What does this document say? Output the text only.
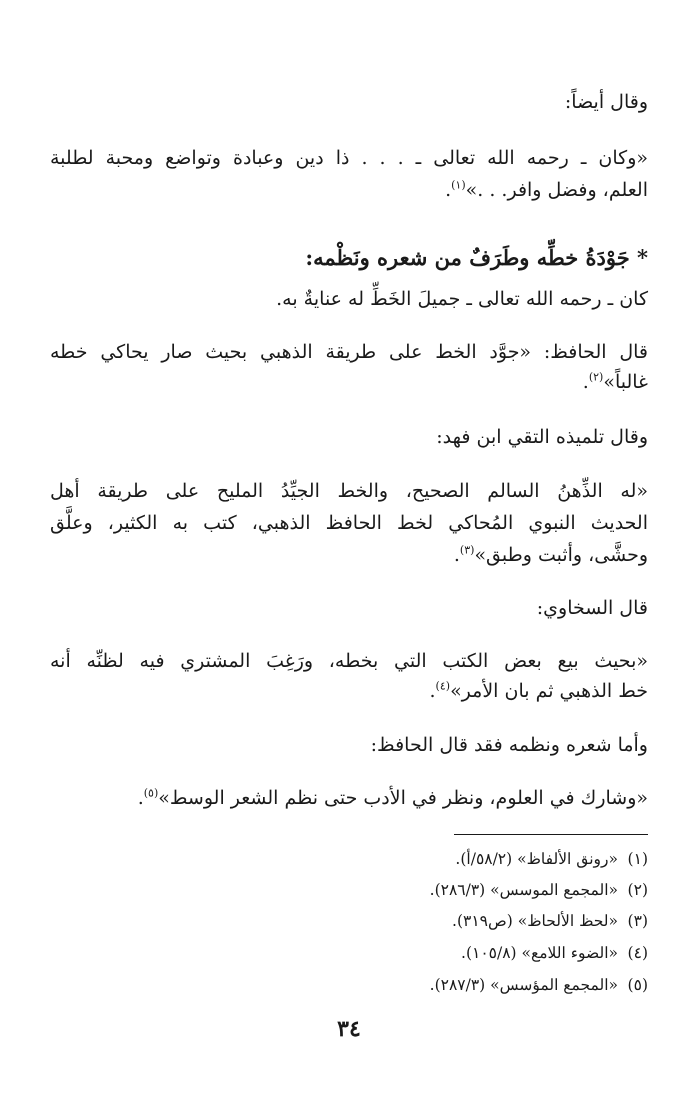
وقال أيضاً:
«وكان ـ رحمه الله تعالى ـ . . . ذا دين وعبادة وتواضع ومحبة لطلبة
العلم، وفضل وافر. . .»$^{(١)}$.
* جَوْدَةُ خطِّه وطَرَفٌ من شعره ونَظْمه:
كان ـ رحمه الله تعالى ـ جميلَ الخَطِّ له عنايةٌ به.
قال الحافظ: «جوَّد الخط على طريقة الذهبي بحيث صار يحاكي خطه
غالباً»$^{(٢)}$.
وقال تلميذه التقي ابن فهد:
«له الذِّهنُ السالم الصحيح، والخط الجيِّدُ المليح على طريقة أهل
الحديث النبوي المُحاكي لخط الحافظ الذهبي، كتب به الكثير، وعلَّق
وحشَّى، وأثبت وطبق»$^{(٣)}$.
قال السخاوي:
«بحيث بيع بعض الكتب التي بخطه، ورَغِبَ المشتري فيه لظنِّه أنه
خط الذهبي ثم بان الأمر»$^{(٤)}$.
وأما شعره ونظمه فقد قال الحافظ:
«وشارك في العلوم، ونظر في الأدب حتى نظم الشعر الوسط»$^{(٥)}$.
(١)«رونق الألفاظ» (٥٨/٢/أ).
(٢)«المجمع الموسس» (٢٨٦/٣).
(٣)«لحظ الألحاظ» (ص٣١٩).
(٤)«الضوء اللامع» (١٠٥/٨).
(٥)«المجمع المؤسس» (٢٨٧/٣).
٣٤
